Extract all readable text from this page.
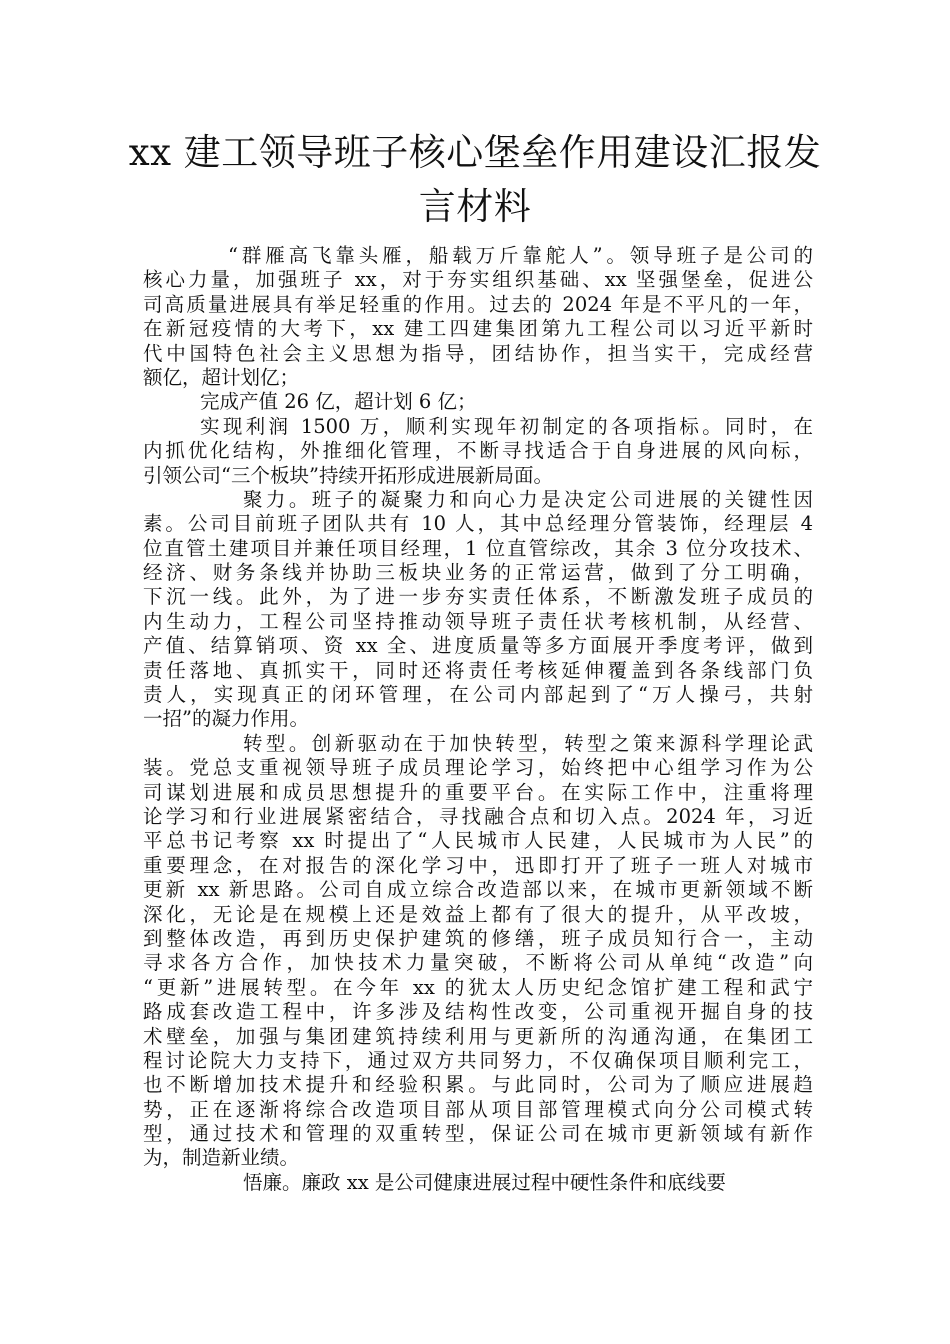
xx 建工领导班子核心堡垒作用建设汇报发
言材料
“群雁高飞靠头雁，船载万斤靠舵人”。领导班子是公司的
核心力量，加强班子 xx，对于夯实组织基础、xx 坚强堡垒，促进公
司高质量进展具有举足轻重的作用。过去的 2024 年是不平凡的一年，
在新冠疫情的大考下，xx 建工四建集团第九工程公司以习近平新时
代中国特色社会主义思想为指导，团结协作，担当实干，完成经营
额亿，超计划亿；
完成产值 26 亿，超计划 6 亿；
实现利润 1500 万，顺利实现年初制定的各项指标。同时，在
内抓优化结构，外推细化管理，不断寻找适合于自身进展的风向标，
引领公司“三个板块”持续开拓形成进展新局面。
聚力。班子的凝聚力和向心力是决定公司进展的关键性因
素。公司目前班子团队共有 10 人，其中总经理分管装饰，经理层 4
位直管土建项目并兼任项目经理，1 位直管综改，其余 3 位分攻技术、
经济、财务条线并协助三板块业务的正常运营，做到了分工明确，
下沉一线。此外，为了进一步夯实责任体系，不断激发班子成员的
内生动力，工程公司坚持推动领导班子责任状考核机制，从经营、
产值、结算销项、资 xx 全、进度质量等多方面展开季度考评，做到
责任落地、真抓实干，同时还将责任考核延伸覆盖到各条线部门负
责人，实现真正的闭环管理，在公司内部起到了“万人操弓，共射
一招”的凝力作用。
转型。创新驱动在于加快转型，转型之策来源科学理论武
装。党总支重视领导班子成员理论学习，始终把中心组学习作为公
司谋划进展和成员思想提升的重要平台。在实际工作中，注重将理
论学习和行业进展紧密结合，寻找融合点和切入点。2024 年，习近
平总书记考察 xx 时提出了“人民城市人民建，人民城市为人民”的
重要理念，在对报告的深化学习中，迅即打开了班子一班人对城市
更新 xx 新思路。公司自成立综合改造部以来，在城市更新领域不断
深化，无论是在规模上还是效益上都有了很大的提升，从平改坡，
到整体改造，再到历史保护建筑的修缮，班子成员知行合一，主动
寻求各方合作，加快技术力量突破，不断将公司从单纯“改造”向
“更新”进展转型。在今年 xx 的犹太人历史纪念馆扩建工程和武宁
路成套改造工程中，许多涉及结构性改变，公司重视开掘自身的技
术壁垒，加强与集团建筑持续利用与更新所的沟通沟通，在集团工
程讨论院大力支持下，通过双方共同努力，不仅确保项目顺利完工，
也不断增加技术提升和经验积累。与此同时，公司为了顺应进展趋
势，正在逐渐将综合改造项目部从项目部管理模式向分公司模式转
型，通过技术和管理的双重转型，保证公司在城市更新领域有新作
为，制造新业绩。
悟廉。廉政 xx 是公司健康进展过程中硬性条件和底线要
